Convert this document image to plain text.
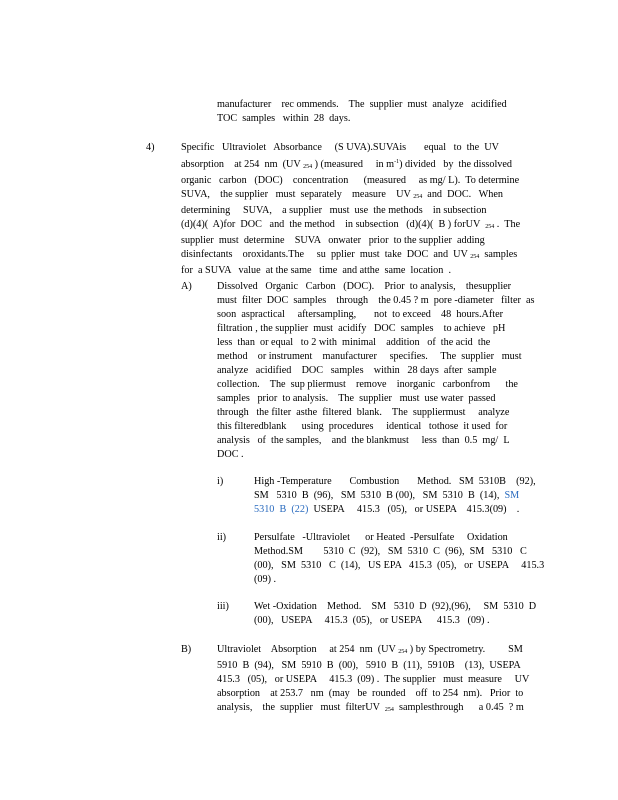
manufacturer    rec ommends.    The  supplier  must  analyze   acidified
TOC  samples   within  28  days.
4)	Specific   Ultraviolet   Absorbance     (S UVA).SUVAis       equal   to  the  UV
absorption    at 254  nm  (UV 254 ) (measured     in $m^{-1}$) divided   by  the dissolved
organic   carbon   (DOC)    concentration      (measured     as mg/ L).  To determine
SUVA,    the supplier   must  separately    measure    UV 254  and  DOC.   When
determining     SUVA,    a supplier   must  use  the methods    in subsection
(d)(4)(  A)for  DOC   and  the method    in subsection   (d)(4)(  B ) forUV  254 .  The
supplier  must  determine    SUVA   onwater   prior  to the supplier  adding
disinfectants    oroxidants.The     su  pplier  must  take  DOC  and  UV 254  samples
for  a SUVA   value  at the same   time  and atthe  same  location  .
A) Dissolved   Organic   Carbon   (DOC).    Prior  to analysis,    thesupplier
must  filter  DOC  samples    through    the 0.45 ? m  pore -diameter   filter  as
soon  aspractical     aftersampling,       not  to exceed    48  hours.After
filtration , the supplier  must  acidify   DOC  samples    to achieve   pH
less  than  or equal   to 2 with  minimal    addition   of  the acid  the
method    or instrument    manufacturer     specifies.     The  supplier   must
analyze   acidified    DOC   samples    within   28 days  after  sample
collection.    The  sup pliermust    remove    inorganic   carbonfrom      the
samples   prior  to analysis.    The  supplier   must  use water  passed
through   the filter  asthe  filtered  blank.    The  suppliermust     analyze
this filteredblank      using  procedures     identical   tothose  it used  for
analysis   of  the samples,    and  the blankmust     less  than  0.5  mg/  L
DOC .
i)	High -Temperature       Combustion       Method.   SM  5310B    (92),
SM   5310  B  (96),   SM  5310  B (00),   SM  5310  B  (14),  SM
5310  B  (22)  USEPA     415.3   (05),   or USEPA    415.3(09)    .
ii)	Persulfate   -Ultraviolet      or Heated  -Persulfate     Oxidation
Method.SM        5310  C  (92),   SM  5310  C  (96),  SM   5310   C
(00),   SM  5310   C  (14),   US EPA   415.3  (05),   or  USEPA     415.3
(09) .
iii) Wet -Oxidation    Method.    SM   5310  D  (92),(96),     SM  5310  D
(00),   USEPA     415.3  (05),   or USEPA      415.3   (09) .
B)	Ultraviolet    Absorption     at 254  nm  (UV 254 ) by Spectrometry.         SM
5910  B  (94),   SM  5910  B  (00),   5910  B  (11),  5910B    (13),  USEPA
415.3   (05),   or USEPA     415.3  (09) .  The supplier   must  measure     UV
absorption    at 253.7   nm  (may   be  rounded    off  to 254  nm).   Prior  to
analysis,    the  supplier   must  filterUV  254  samplesthrough      a 0.45  ? m
